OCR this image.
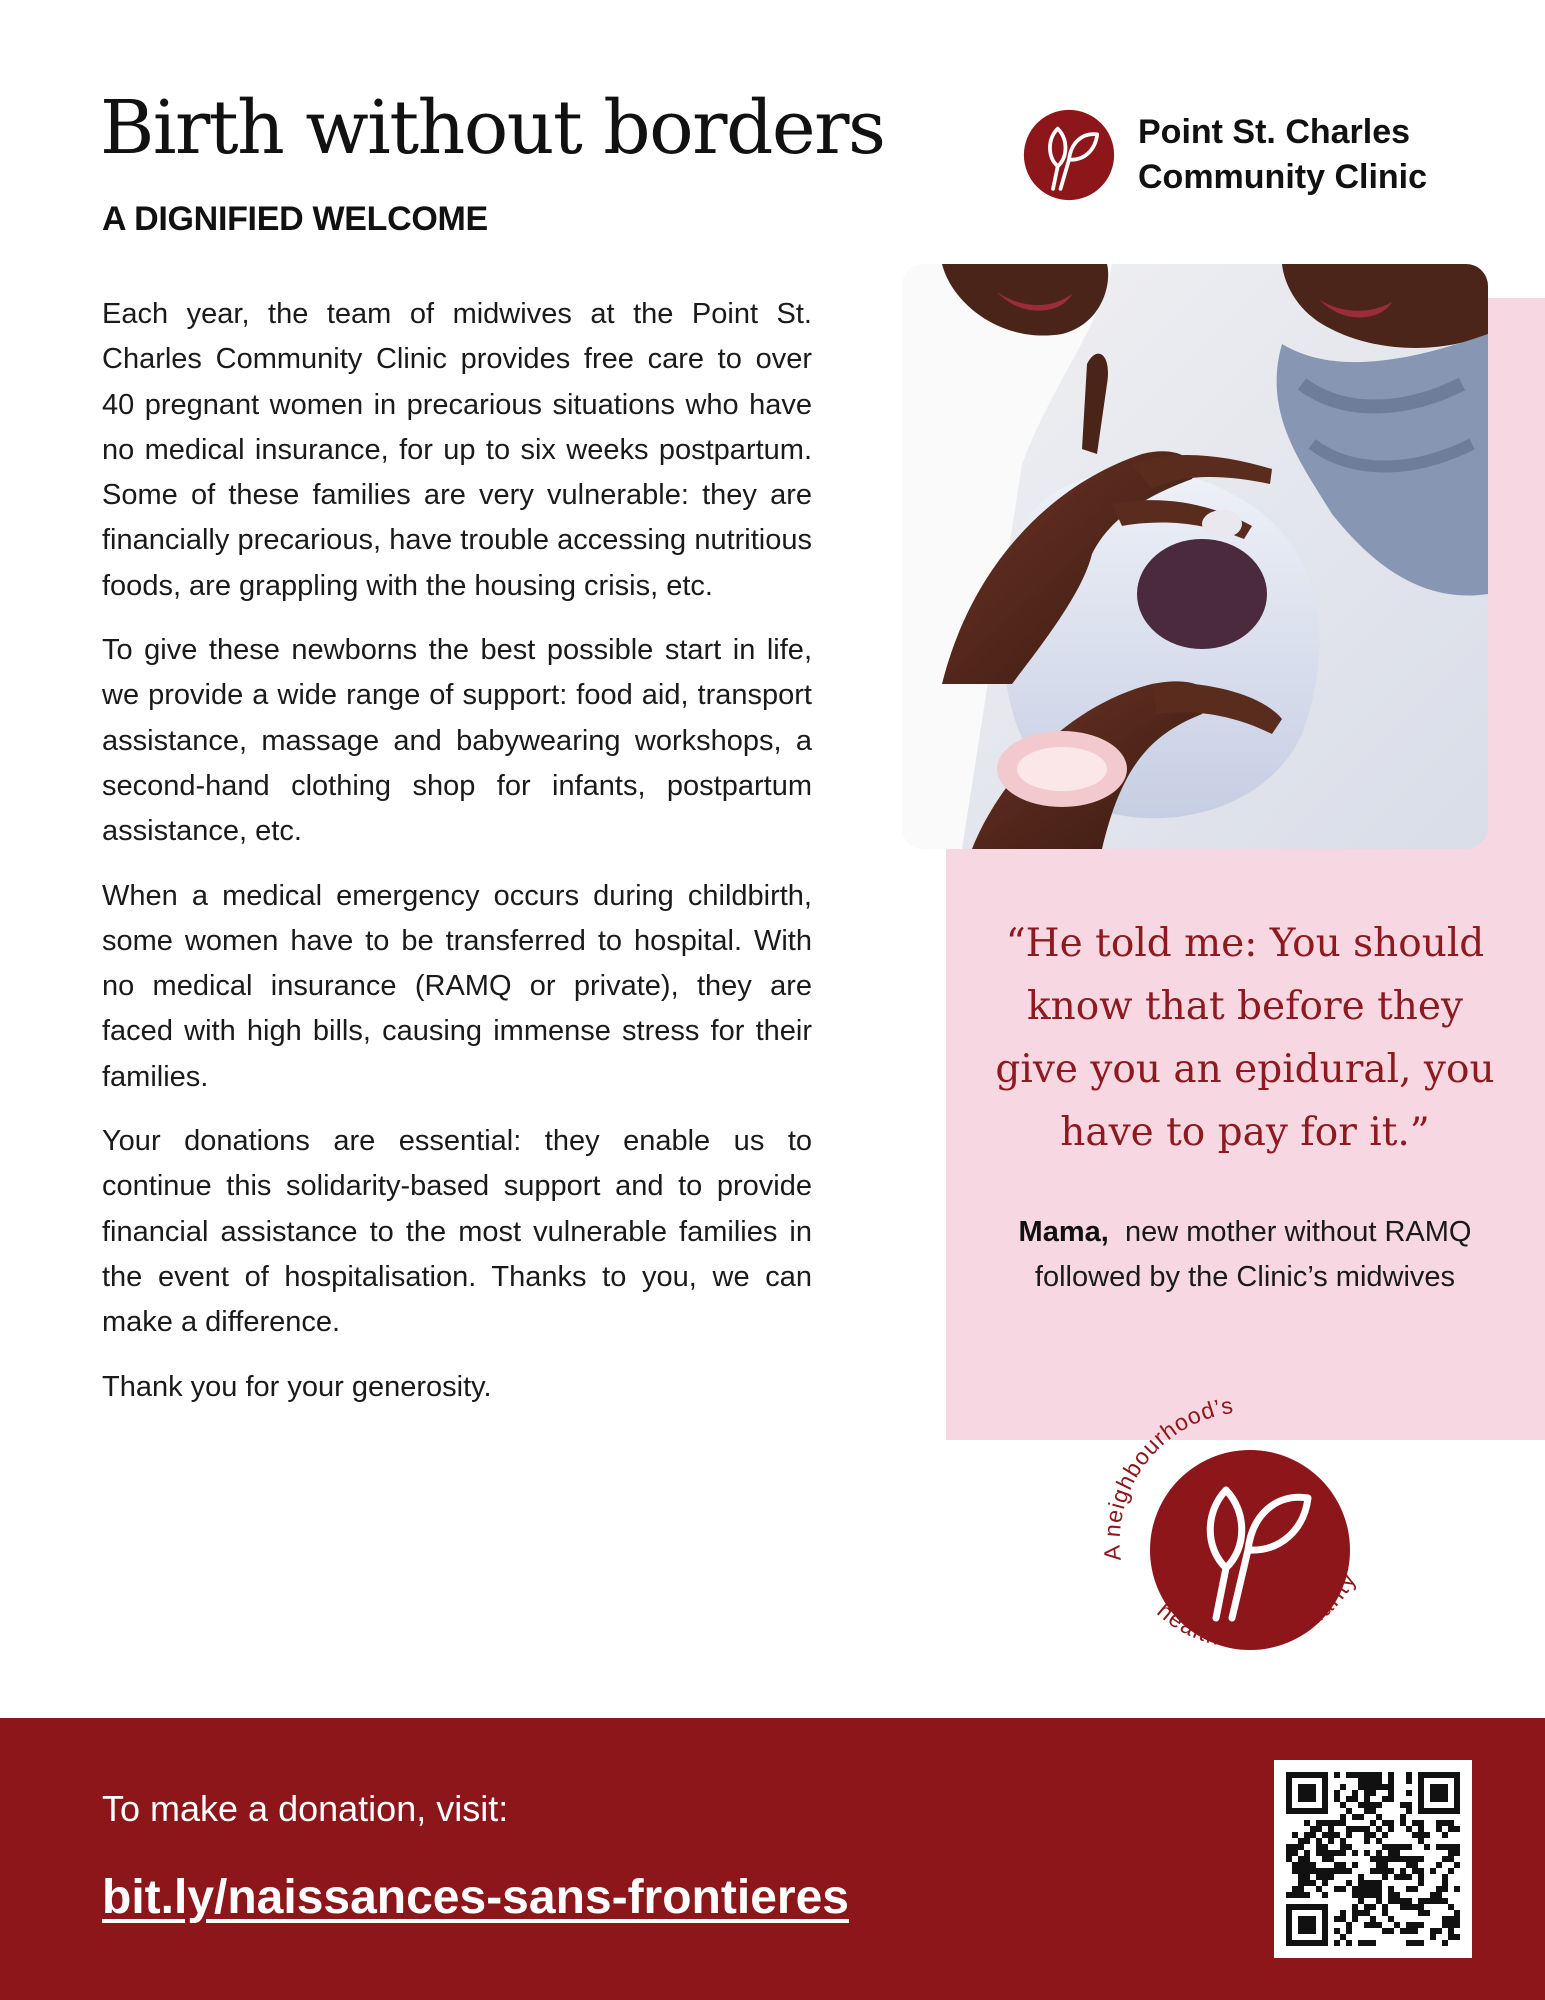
Birth without borders
A DIGNIFIED WELCOME
Point St. Charles
Community Clinic

Each year, the team of midwives at the Point St. Charles Community Clinic provides free care to over 40 pregnant women in precarious situations who have no medical insurance, for up to six weeks postpartum. Some of these families are very vulnerable: they are financially precarious, have trouble accessing nutritious foods, are grappling with the housing crisis, etc.

To give these newborns the best possible start in life, we provide a wide range of support: food aid, transport assistance, massage and babywearing workshops, a second-hand clothing shop for infants, postpartum assistance, etc.

When a medical emergency occurs during childbirth, some women have to be transferred to hospital. With no medical insurance (RAMQ or private), they are faced with high bills, causing immense stress for their families.

Your donations are essential: they enable us to continue this solidarity-based support and to provide financial assistance to the most vulnerable families in the event of hospitalisation. Thanks to you, we can make a difference.

Thank you for your generosity.

“He told me: You should know that before they give you an epidural, you have to pay for it.”

Mama, new mother without RAMQ followed by the Clinic’s midwives

A neighbourhood’s
health and solidarity

To make a donation, visit:

bit.ly/naissances-sans-frontieres
